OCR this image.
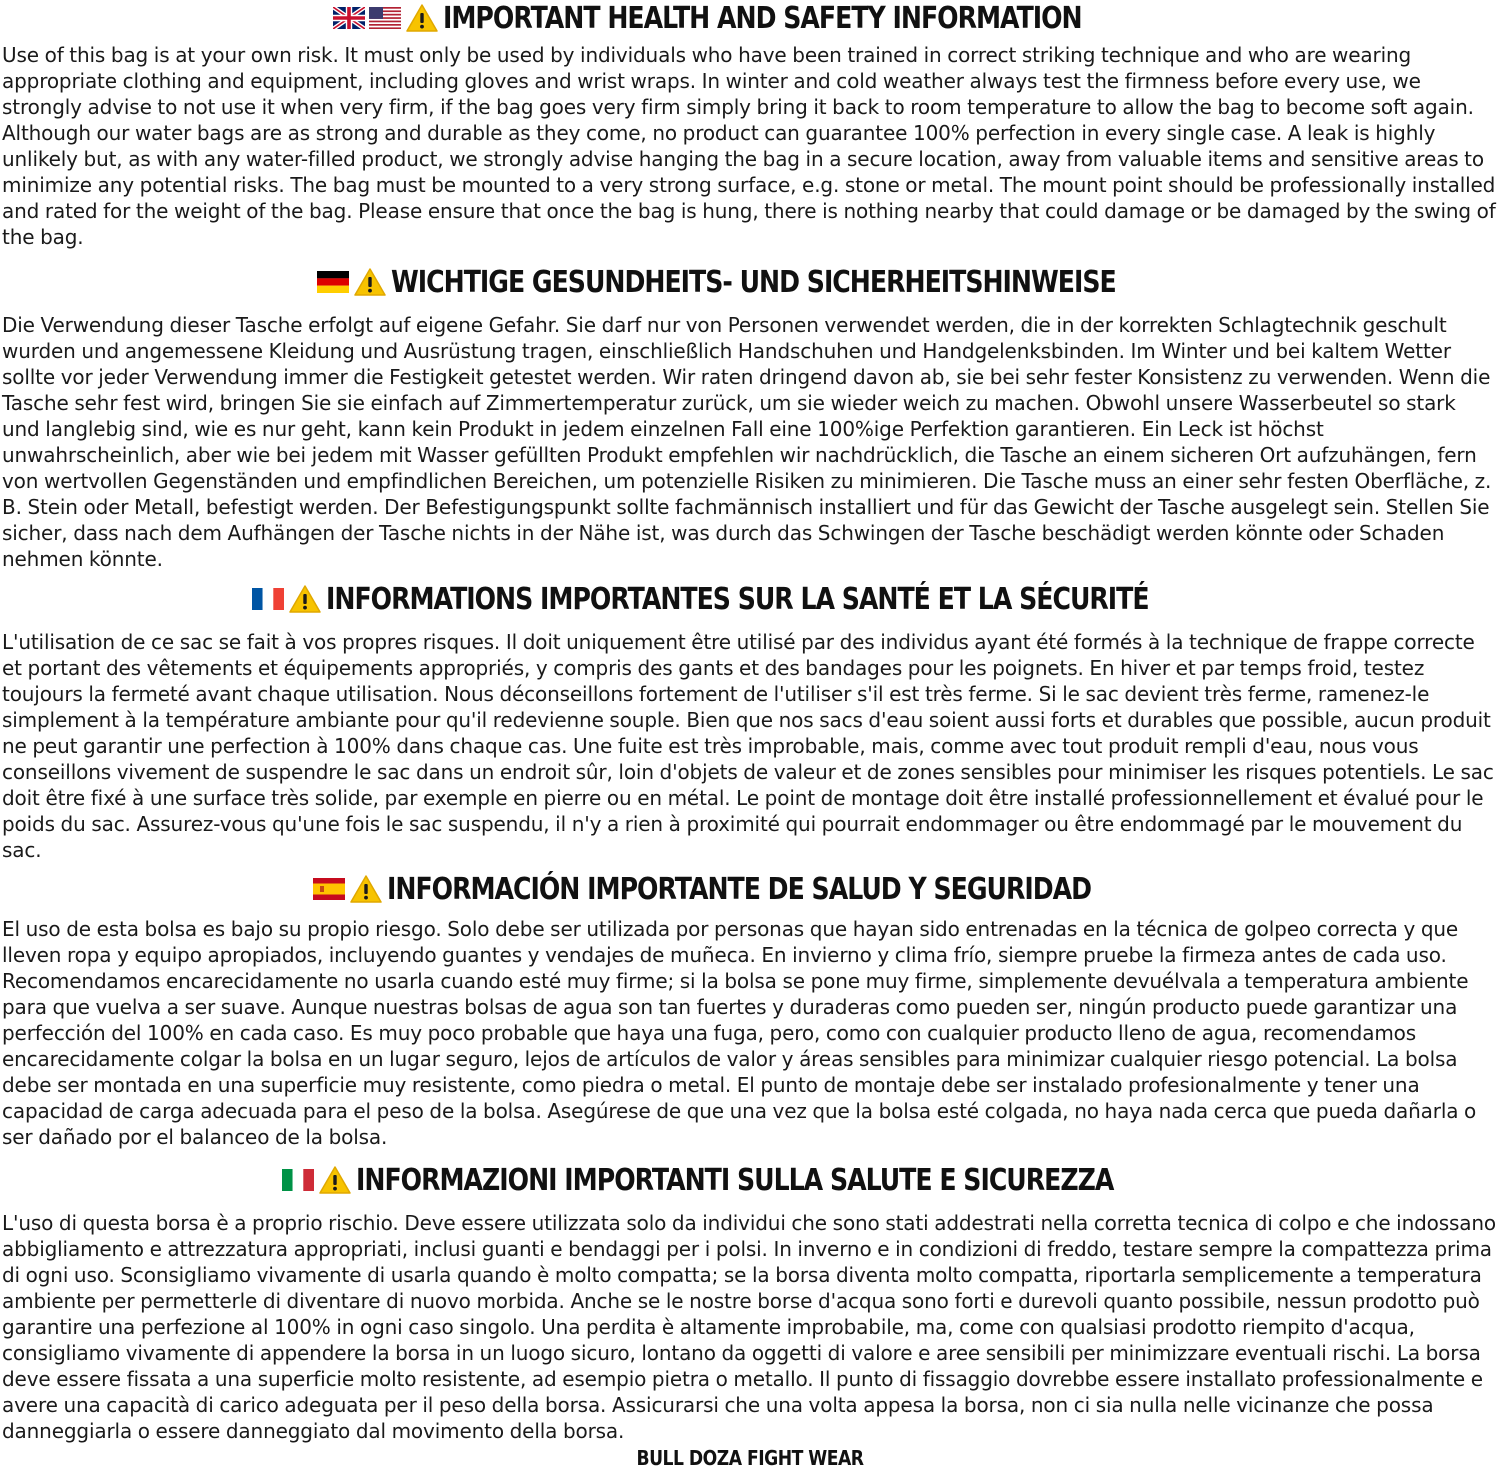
IMPORTANT HEALTH AND SAFETY INFORMATION

Use of this bag is at your own risk. It must only be used by individuals who have been trained in correct striking technique and who are wearing appropriate clothing and equipment, including gloves and wrist wraps. In winter and cold weather always test the firmness before every use, we strongly advise to not use it when very firm, if the bag goes very firm simply bring it back to room temperature to allow the bag to become soft again. Although our water bags are as strong and durable as they come, no product can guarantee 100% perfection in every single case. A leak is highly unlikely but, as with any water-filled product, we strongly advise hanging the bag in a secure location, away from valuable items and sensitive areas to minimize any potential risks. The bag must be mounted to a very strong surface, e.g. stone or metal. The mount point should be professionally installed and rated for the weight of the bag. Please ensure that once the bag is hung, there is nothing nearby that could damage or be damaged by the swing of the bag.

WICHTIGE GESUNDHEITS- UND SICHERHEITSHINWEISE

Die Verwendung dieser Tasche erfolgt auf eigene Gefahr. Sie darf nur von Personen verwendet werden, die in der korrekten Schlagtechnik geschult wurden und angemessene Kleidung und Ausrüstung tragen, einschließlich Handschuhen und Handgelenksbinden. Im Winter und bei kaltem Wetter sollte vor jeder Verwendung immer die Festigkeit getestet werden. Wir raten dringend davon ab, sie bei sehr fester Konsistenz zu verwenden. Wenn die Tasche sehr fest wird, bringen Sie sie einfach auf Zimmertemperatur zurück, um sie wieder weich zu machen. Obwohl unsere Wasserbeutel so stark und langlebig sind, wie es nur geht, kann kein Produkt in jedem einzelnen Fall eine 100%ige Perfektion garantieren. Ein Leck ist höchst unwahrscheinlich, aber wie bei jedem mit Wasser gefüllten Produkt empfehlen wir nachdrücklich, die Tasche an einem sicheren Ort aufzuhängen, fern von wertvollen Gegenständen und empfindlichen Bereichen, um potenzielle Risiken zu minimieren. Die Tasche muss an einer sehr festen Oberfläche, z. B. Stein oder Metall, befestigt werden. Der Befestigungspunkt sollte fachmännisch installiert und für das Gewicht der Tasche ausgelegt sein. Stellen Sie sicher, dass nach dem Aufhängen der Tasche nichts in der Nähe ist, was durch das Schwingen der Tasche beschädigt werden könnte oder Schaden nehmen könnte.

INFORMATIONS IMPORTANTES SUR LA SANTÉ ET LA SÉCURITÉ

L'utilisation de ce sac se fait à vos propres risques. Il doit uniquement être utilisé par des individus ayant été formés à la technique de frappe correcte et portant des vêtements et équipements appropriés, y compris des gants et des bandages pour les poignets. En hiver et par temps froid, testez toujours la fermeté avant chaque utilisation. Nous déconseillons fortement de l'utiliser s'il est très ferme. Si le sac devient très ferme, ramenez-le simplement à la température ambiante pour qu'il redevienne souple. Bien que nos sacs d'eau soient aussi forts et durables que possible, aucun produit ne peut garantir une perfection à 100% dans chaque cas. Une fuite est très improbable, mais, comme avec tout produit rempli d'eau, nous vous conseillons vivement de suspendre le sac dans un endroit sûr, loin d'objets de valeur et de zones sensibles pour minimiser les risques potentiels. Le sac doit être fixé à une surface très solide, par exemple en pierre ou en métal. Le point de montage doit être installé professionnellement et évalué pour le poids du sac. Assurez-vous qu'une fois le sac suspendu, il n'y a rien à proximité qui pourrait endommager ou être endommagé par le mouvement du sac.

INFORMACIÓN IMPORTANTE DE SALUD Y SEGURIDAD

El uso de esta bolsa es bajo su propio riesgo. Solo debe ser utilizada por personas que hayan sido entrenadas en la técnica de golpeo correcta y que lleven ropa y equipo apropiados, incluyendo guantes y vendajes de muñeca. En invierno y clima frío, siempre pruebe la firmeza antes de cada uso. Recomendamos encarecidamente no usarla cuando esté muy firme; si la bolsa se pone muy firme, simplemente devuélvala a temperatura ambiente para que vuelva a ser suave. Aunque nuestras bolsas de agua son tan fuertes y duraderas como pueden ser, ningún producto puede garantizar una perfección del 100% en cada caso. Es muy poco probable que haya una fuga, pero, como con cualquier producto lleno de agua, recomendamos encarecidamente colgar la bolsa en un lugar seguro, lejos de artículos de valor y áreas sensibles para minimizar cualquier riesgo potencial. La bolsa debe ser montada en una superficie muy resistente, como piedra o metal. El punto de montaje debe ser instalado profesionalmente y tener una capacidad de carga adecuada para el peso de la bolsa. Asegúrese de que una vez que la bolsa esté colgada, no haya nada cerca que pueda dañarla o ser dañado por el balanceo de la bolsa.

INFORMAZIONI IMPORTANTI SULLA SALUTE E SICUREZZA

L'uso di questa borsa è a proprio rischio. Deve essere utilizzata solo da individui che sono stati addestrati nella corretta tecnica di colpo e che indossano abbigliamento e attrezzatura appropriati, inclusi guanti e bendaggi per i polsi. In inverno e in condizioni di freddo, testare sempre la compattezza prima di ogni uso. Sconsigliamo vivamente di usarla quando è molto compatta; se la borsa diventa molto compatta, riportarla semplicemente a temperatura ambiente per permetterle di diventare di nuovo morbida. Anche se le nostre borse d'acqua sono forti e durevoli quanto possibile, nessun prodotto può garantire una perfezione al 100% in ogni caso singolo. Una perdita è altamente improbabile, ma, come con qualsiasi prodotto riempito d'acqua, consigliamo vivamente di appendere la borsa in un luogo sicuro, lontano da oggetti di valore e aree sensibili per minimizzare eventuali rischi. La borsa deve essere fissata a una superficie molto resistente, ad esempio pietra o metallo. Il punto di fissaggio dovrebbe essere installato professionalmente e avere una capacità di carico adeguata per il peso della borsa. Assicurarsi che una volta appesa la borsa, non ci sia nulla nelle vicinanze che possa danneggiarla o essere danneggiato dal movimento della borsa.

BULL DOZA FIGHT WEAR
